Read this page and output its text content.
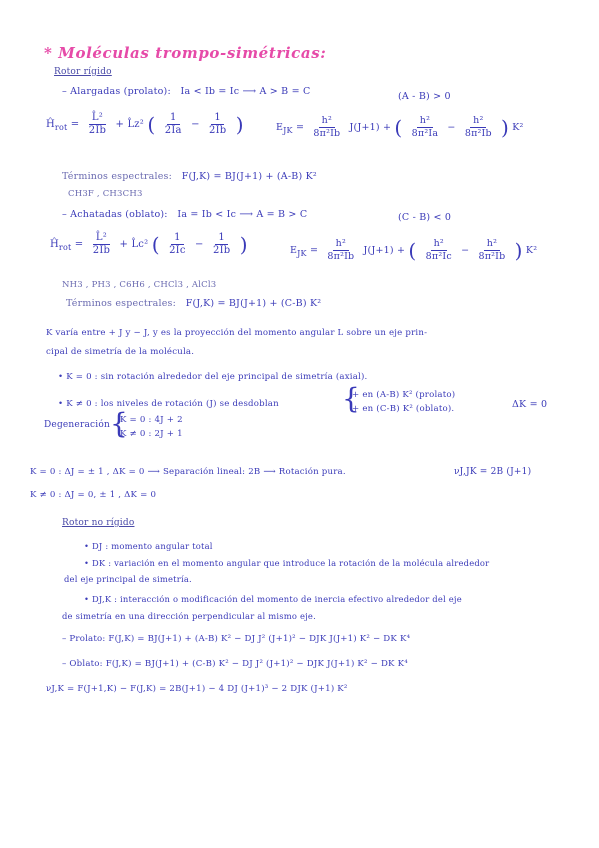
* Moléculas trompo-simétricas:
Rotor rígido
– Alargadas (prolato): Ia < Ib = Ic ⟶ A > B = C	(A - B) > 0
$Ĥ_{rot} = \frac{\text{L̂²}}{2Ib}$ + L̂z² ( $\frac{1}{2Ia} - \frac{1}{2Ib}$ )	$E_{JK} = \frac{\text{h²}}{\text{8π²Ib}} J(J+1)$ + ( $\frac{\text{h²}}{\text{8π²Ia}} - \frac{\text{h²}}{\text{8π²Ib}}$ ) K²
Términos espectrales: F(J,K) = BJ(J+1) + (A-B) K²
CH3F , CH3CH3
– Achatadas (oblato): Ia = Ib < Ic ⟶ A = B > C	(C - B) < 0
$Ĥ_{rot} = \frac{\text{L̂²}}{2Ib}$ + L̂c² ( $\frac{1}{2Ic} - \frac{1}{2Ib}$ )	$E_{JK} = \frac{\text{h²}}{\text{8π²Ib}} J(J+1)$ + ( $\frac{\text{h²}}{\text{8π²Ic}} - \frac{\text{h²}}{\text{8π²Ib}}$ ) K²
NH3 , PH3 , C6H6 , CHCl3 , AlCl3
Términos espectrales: F(J,K) = BJ(J+1) + (C-B) K²
K varía entre + J y − J, y es la proyección del momento angular L sobre un eje prin-
cipal de simetría de la molécula.
• K = 0 : sin rotación alrededor del eje principal de simetría (axial).
• K ≠ 0 : los niveles de rotación (J) se desdoblan {
+ en (A-B) K² (prolato)
+ en (C-B) K² (oblato).	ΔK = 0
Degeneración {
K = 0 : 4J + 2
K ≠ 0 : 2J + 1
K = 0 : ΔJ = ± 1 , ΔK = 0 ⟶ Separación lineal: 2B ⟶ Rotación pura.	νJ,JK = 2B (J+1)
K ≠ 0 : ΔJ = 0, ± 1 , ΔK = 0
Rotor no rígido
• DJ : momento angular total
• DK : variación en el momento angular que introduce la rotación de la molécula alrededor
del eje principal de simetría.
• DJ,K : interacción o modificación del momento de inercia efectivo alrededor del eje
de simetría en una dirección perpendicular al mismo eje.
– Prolato: F(J,K) = BJ(J+1) + (A-B) K² − DJ J² (J+1)² − DJK J(J+1) K² − DK K⁴
– Oblato: F(J,K) = BJ(J+1) + (C-B) K² − DJ J² (J+1)² − DJK J(J+1) K² − DK K⁴
νJ,K = F(J+1,K) − F(J,K) = 2B(J+1) − 4 DJ (J+1)³ − 2 DJK (J+1) K²
